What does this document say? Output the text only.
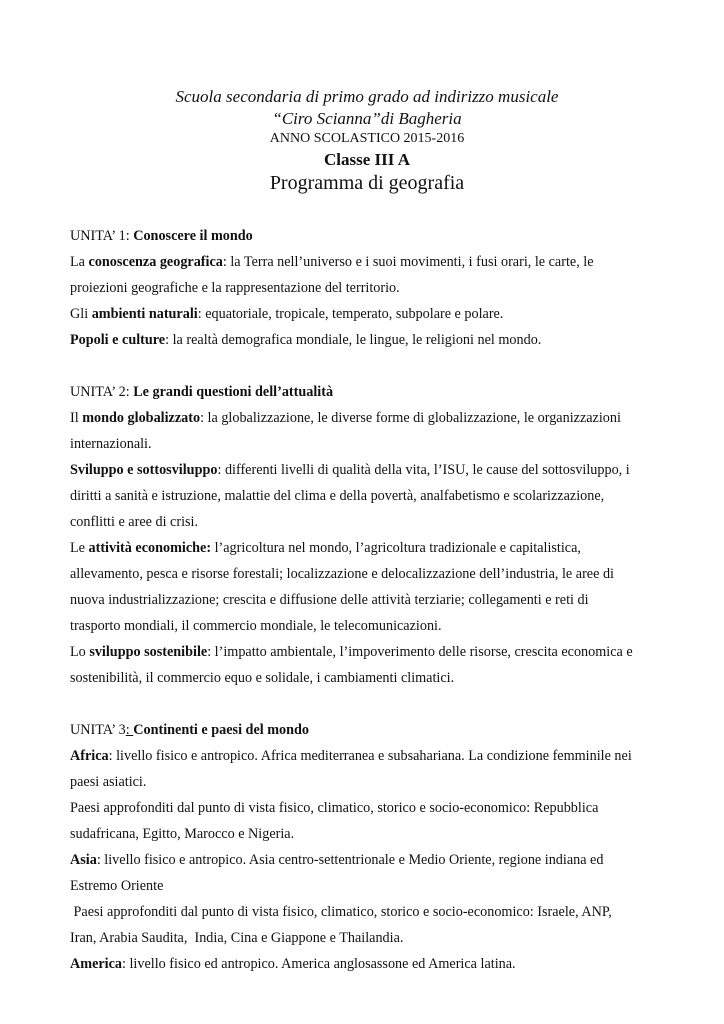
Scuola secondaria di primo grado ad indirizzo musicale
“Ciro Scianna”di Bagheria
ANNO SCOLASTICO 2015-2016
Classe III A
Programma di geografia

UNITA’ 1: Conoscere il mondo

La conoscenza geografica: la Terra nell’universo e i suoi movimenti, i fusi orari, le carte, le

proiezioni geografiche e la rappresentazione del territorio.

Gli ambienti naturali: equatoriale, tropicale, temperato, subpolare e polare.

Popoli e culture: la realtà demografica mondiale, le lingue, le religioni nel mondo.

UNITA’ 2: Le grandi questioni dell’attualità

Il mondo globalizzato: la globalizzazione, le diverse forme di globalizzazione, le organizzazioni

internazionali.

Sviluppo e sottosviluppo: differenti livelli di qualità della vita, l’ISU, le cause del sottosviluppo, i

diritti a sanità e istruzione, malattie del clima e della povertà, analfabetismo e scolarizzazione,

conflitti e aree di crisi.

Le attività economiche: l’agricoltura nel mondo, l’agricoltura tradizionale e capitalistica,

allevamento, pesca e risorse forestali; localizzazione e delocalizzazione dell’industria, le aree di

nuova industrializzazione; crescita e diffusione delle attività terziarie; collegamenti e reti di

trasporto mondiali, il commercio mondiale, le telecomunicazioni.

Lo sviluppo sostenibile: l’impatto ambientale, l’impoverimento delle risorse, crescita economica e

sostenibilità, il commercio equo e solidale, i cambiamenti climatici.

UNITA’ 3: Continenti e paesi del mondo

Africa: livello fisico e antropico. Africa mediterranea e subsahariana. La condizione femminile nei

paesi asiatici.

Paesi approfonditi dal punto di vista fisico, climatico, storico e socio-economico: Repubblica

sudafricana, Egitto, Marocco e Nigeria.

Asia: livello fisico e antropico. Asia centro-settentrionale e Medio Oriente, regione indiana ed

Estremo Oriente

Paesi approfonditi dal punto di vista fisico, climatico, storico e socio-economico: Israele, ANP,

Iran, Arabia Saudita,  India, Cina e Giappone e Thailandia.

America: livello fisico ed antropico. America anglosassone ed America latina.
